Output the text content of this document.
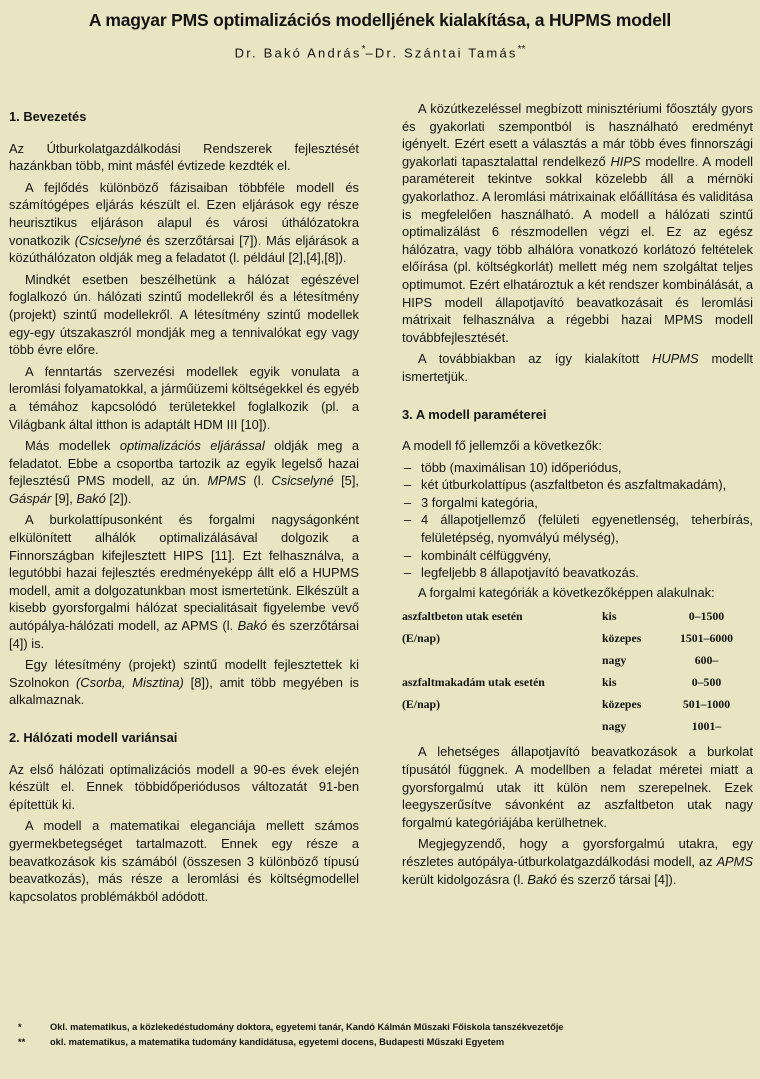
A magyar PMS optimalizációs modelljének kialakítása, a HUPMS modell
Dr. Bakó András*–Dr. Szántai Tamás**
1. Bevezetés

Az Útburkolatgazdálkodási Rendszerek fejlesztését hazánkban több, mint másfél évtizede kezdték el.

A fejlődés különböző fázisaiban többféle modell és számítógépes eljárás készült el. Ezen eljárások egy része heurisztikus eljáráson alapul és városi úthálózatokra vonatkozik (Csicselyné és szerzőtársai [7]). Más eljárások a közúthálózaton oldják meg a feladatot (l. például [2],[4],[8]).

Mindkét esetben beszélhetünk a hálózat egészével foglalkozó ún. hálózati szintű modellekről és a létesítmény (projekt) szintű modellekről. A létesítmény szintű modellek egy-egy útszakaszról mondják meg a tennivalókat egy vagy több évre előre.

A fenntartás szervezési modellek egyik vonulata a leromlási folyamatokkal, a járműüzemi költségekkel és egyéb a témához kapcsolódó területekkel foglalkozik (pl. a Világbank által itthon is adaptált HDM III [10]).

Más modellek optimalizációs eljárással oldják meg a feladatot. Ebbe a csoportba tartozik az egyik legelső hazai fejlesztésű PMS modell, az ún. MPMS (l. Csicselyné [5], Gáspár [9], Bakó [2]).

A burkolattípusonként és forgalmi nagyságonként elkülönített alhálók optimalizálásával dolgozik a Finnországban kifejlesztett HIPS [11]. Ezt felhasználva, a legutóbbi hazai fejlesztés eredményeképp állt elő a HUPMS modell, amit a dolgozatunkban most ismertetünk. Elkészült a kisebb gyorsforgalmi hálózat specialitásait figyelembe vevő autópálya-hálózati modell, az APMS (l. Bakó és szerzőtársai [4]) is.

Egy létesítmény (projekt) szintű modellt fejlesztettek ki Szolnokon (Csorba, Misztina) [8]), amit több megyében is alkalmaznak.

2. Hálózati modell variánsai

Az első hálózati optimalizációs modell a 90-es évek elején készült el. Ennek többidőperiódusos változatát 91-ben építettük ki.

A modell a matematikai eleganciája mellett számos gyermekbetegséget tartalmazott. Ennek egy része a beavatkozások kis számából (összesen 3 különböző típusú beavatkozás), más része a leromlási és költségmodellel kapcsolatos problémákból adódott.

A közútkezeléssel megbízott minisztériumi főosztály gyors és gyakorlati szempontból is használható eredményt igényelt. Ezért esett a választás a már több éves finnországi gyakorlati tapasztalattal rendelkező HIPS modellre. A modell paramétereit tekintve sokkal közelebb áll a mérnöki gyakorlathoz. A leromlási mátrixainak előállítása és validitása is megfelelően használható. A modell a hálózati szintű optimalizálást 6 részmodellen végzi el. Ez az egész hálózatra, vagy több alhálóra vonatkozó korlátozó feltételek előírása (pl. költségkorlát) mellett még nem szolgáltat teljes optimumot. Ezért elhatároztuk a két rendszer kombinálását, a HIPS modell állapotjavító beavatkozásait és leromlási mátrixait felhasználva a régebbi hazai MPMS modell továbbfejlesztését.

A továbbiakban az így kialakított HUPMS modellt ismertetjük.

3. A modell paraméterei

A modell fő jellemzői a következők:

– több (maximálisan 10) időperiódus,
– két útburkolattípus (aszfaltbeton és aszfaltmakadám),
– 3 forgalmi kategória,
– 4 állapotjellemző (felületi egyenetlenség, teherbírás, felületépség, nyomvályú mélység),
– kombinált célfüggvény,
– legfeljebb 8 állapotjavító beavatkozás.

A forgalmi kategóriák a következőképpen alakulnak:

aszfaltbeton utak esetén	kis	0–1500
(E/nap)	közepes	1501–6000
	nagy	600–
aszfaltmakadám utak esetén	kis	0–500
(E/nap)	közepes	501–1000
	nagy	1001–

A lehetséges állapotjavító beavatkozások a burkolat típusától függnek. A modellben a feladat méretei miatt a gyorsforgalmú utak itt külön nem szerepelnek. Ezek leegyszerűsítve sávonként az aszfaltbeton utak nagy forgalmú kategóriájába kerülhetnek.

Megjegyzendő, hogy a gyorsforgalmú utakra, egy részletes autópálya-útburkolatgazdálkodási modell, az APMS került kidolgozásra (l. Bakó és szerző társai [4]).

*	Okl. matematikus, a közlekedéstudomány doktora, egyetemi tanár, Kandó Kálmán Műszaki Főiskola tanszékvezetője
**	okl. matematikus, a matematika tudomány kandidátusa, egyetemi docens, Budapesti Műszaki Egyetem
